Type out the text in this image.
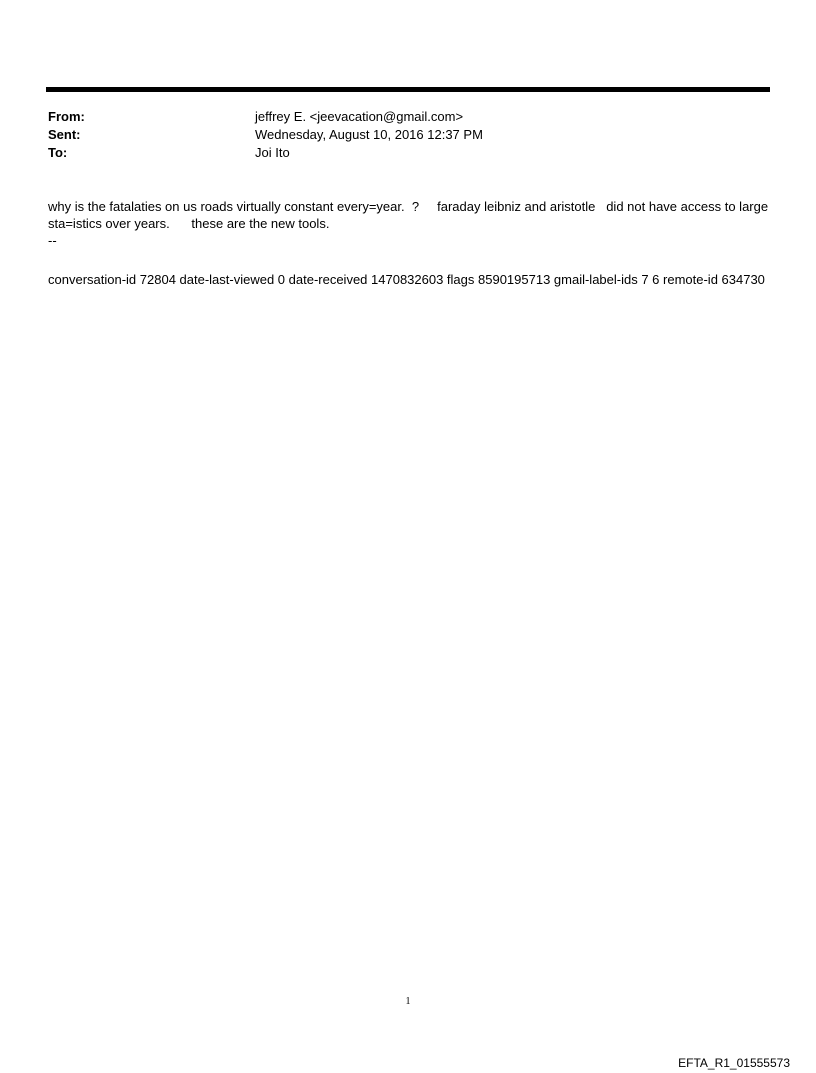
From:	jeffrey E. <jeevacation@gmail.com>
Sent:	Wednesday, August 10, 2016 12:37 PM
To:	Joi Ito

why is the fatalaties on us roads virtually constant every=year.  ?     faraday leibniz and aristotle   did not have access to large sta=istics over years.      these are the new tools.

--

conversation-id 72804 date-last-viewed 0 date-received 1470832603 flags 8590195713 gmail-label-ids 7 6 remote-id 634730
1
EFTA_R1_01555573
